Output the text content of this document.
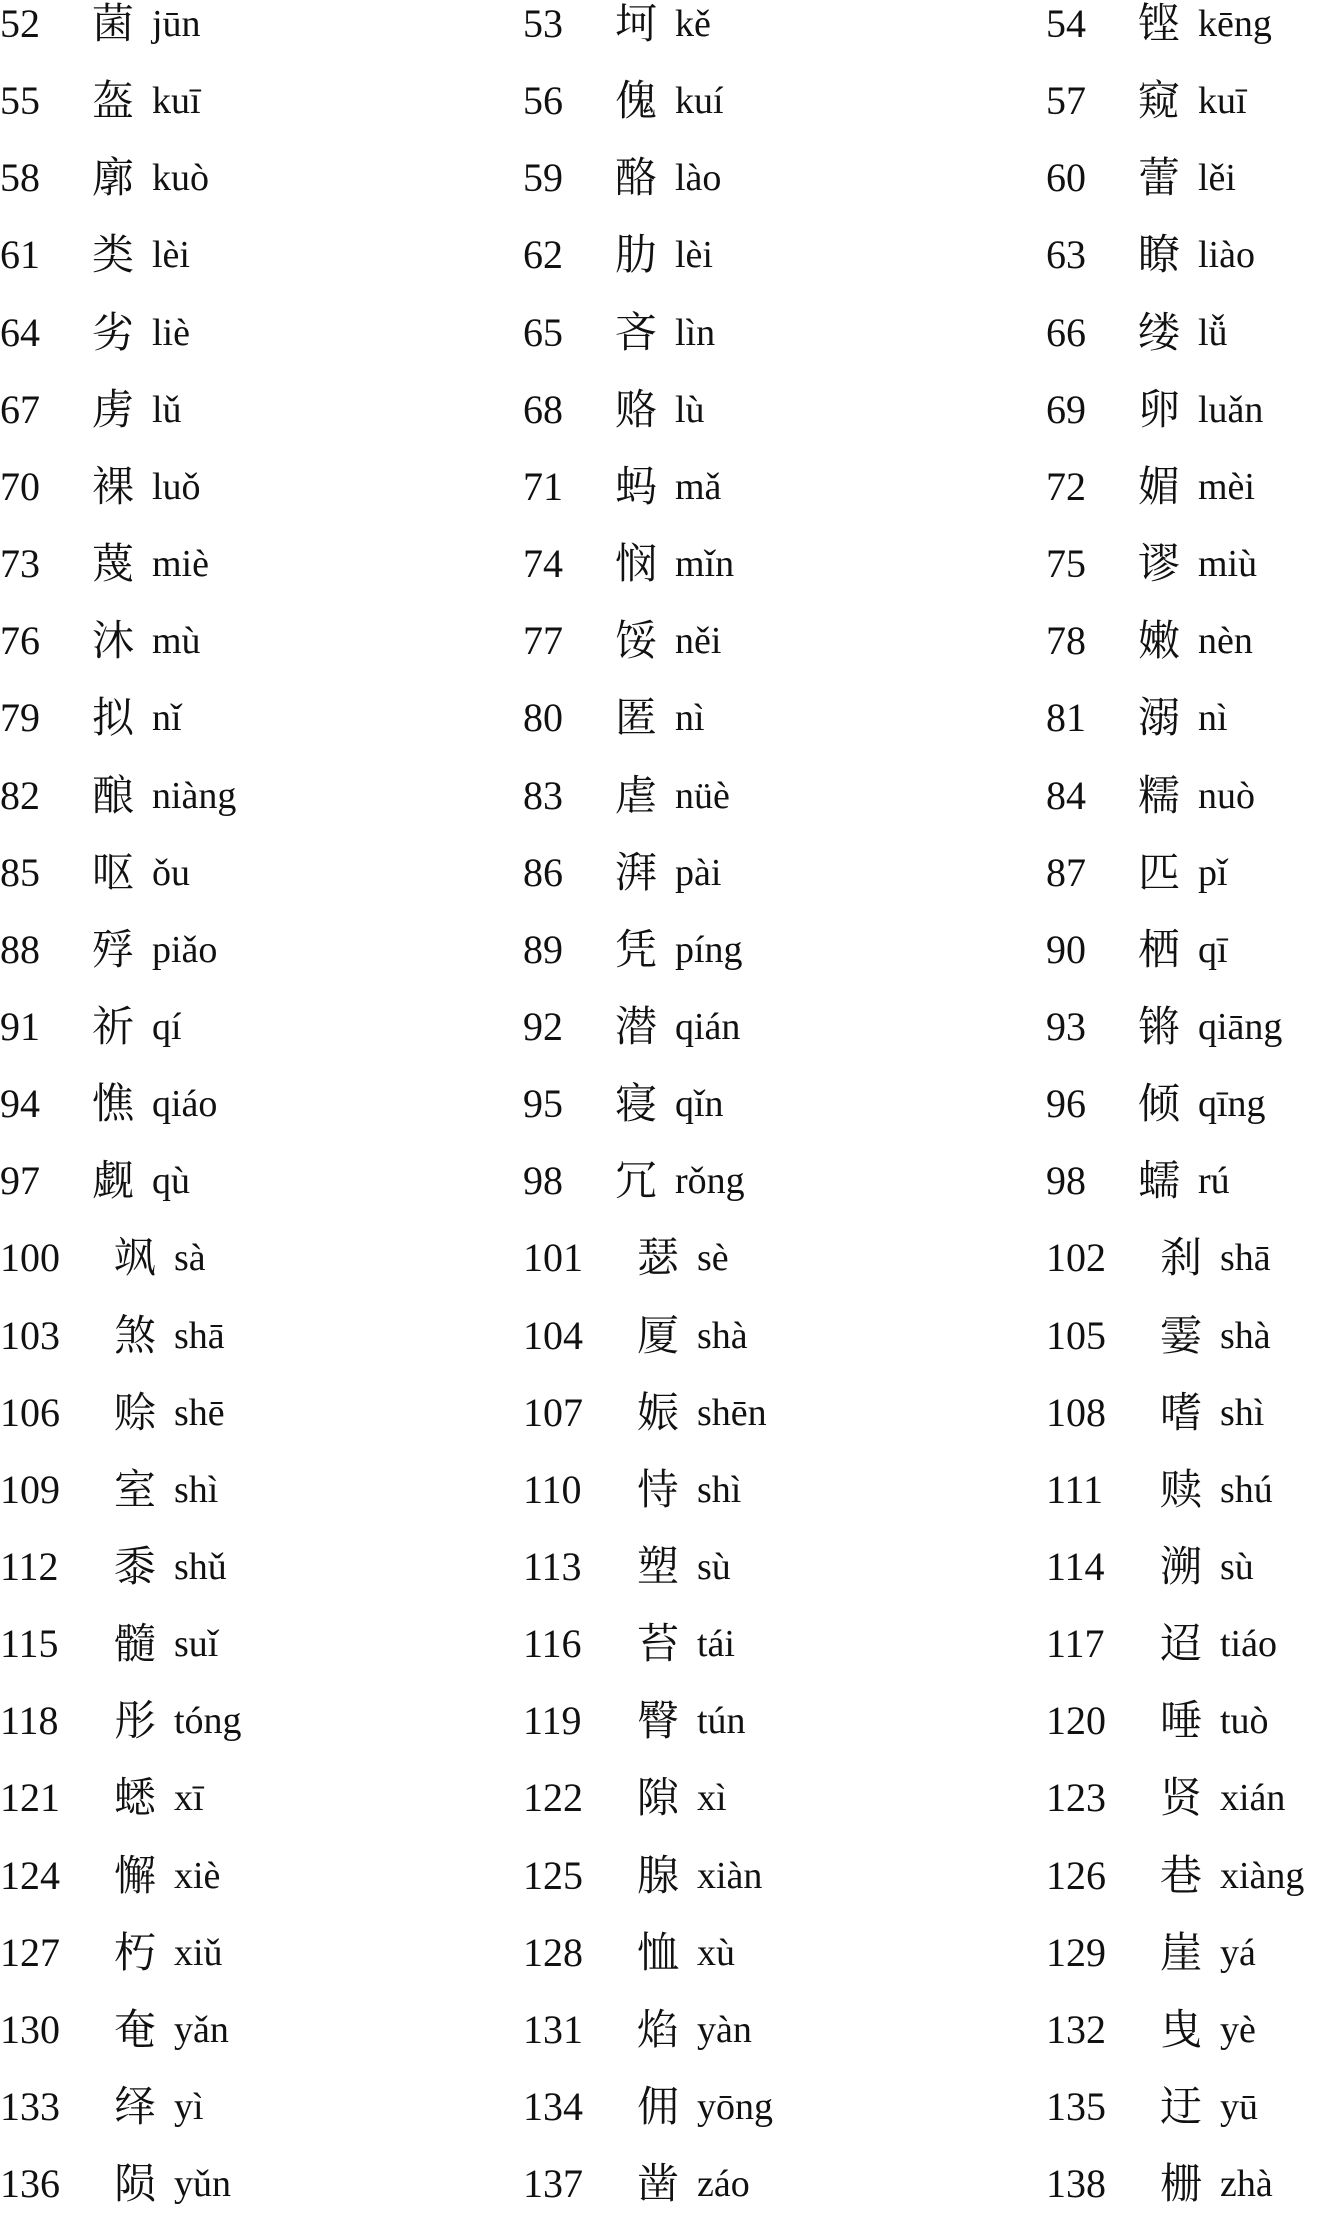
52 菌 jūn	53 坷 kě	54 铿 kēng
55 盔 kuī	56 傀 kuí	57 窥 kuī
58 廓 kuò	59 酪 lào	60 蕾 lěi
61 类 lèi	62 肋 lèi	63 瞭 liào
64 劣 liè	65 吝 lìn	66 缕 lǚ
67 虏 lǔ	68 赂 lù	69 卵 luǎn
70 裸 luǒ	71 蚂 mǎ	72 媚 mèi
73 蔑 miè	74 悯 mǐn	75 谬 miù
76 沐 mù	77 馁 něi	78 嫩 nèn
79 拟 nǐ	80 匿 nì	81 溺 nì
82 酿 niàng	83 虐 nüè	84 糯 nuò
85 呕 ǒu	86 湃 pài	87 匹 pǐ
88 殍 piǎo	89 凭 píng	90 栖 qī
91 祈 qí	92 潜 qián	93 锵 qiāng
94 憔 qiáo	95 寝 qǐn	96 倾 qīng
97 觑 qù	98 冗 rǒng	98 蠕 rú
100 飒 sà	101 瑟 sè	102 刹 shā
103 煞 shā	104 厦 shà	105 霎 shà
106 赊 shē	107 娠 shēn	108 嗜 shì
109 室 shì	110 恃 shì	111 赎 shú
112 黍 shǔ	113 塑 sù	114 溯 sù
115 髓 suǐ	116 苔 tái	117 迢 tiáo
118 彤 tóng	119 臀 tún	120 唾 tuò
121 蟋 xī	122 隙 xì	123 贤 xián
124 懈 xiè	125 腺 xiàn	126 巷 xiàng
127 朽 xiǔ	128 恤 xù	129 崖 yá
130 奄 yǎn	131 焰 yàn	132 曳 yè
133 绎 yì	134 佣 yōng	135 迂 yū
136 陨 yǔn	137 凿 záo	138 栅 zhà
